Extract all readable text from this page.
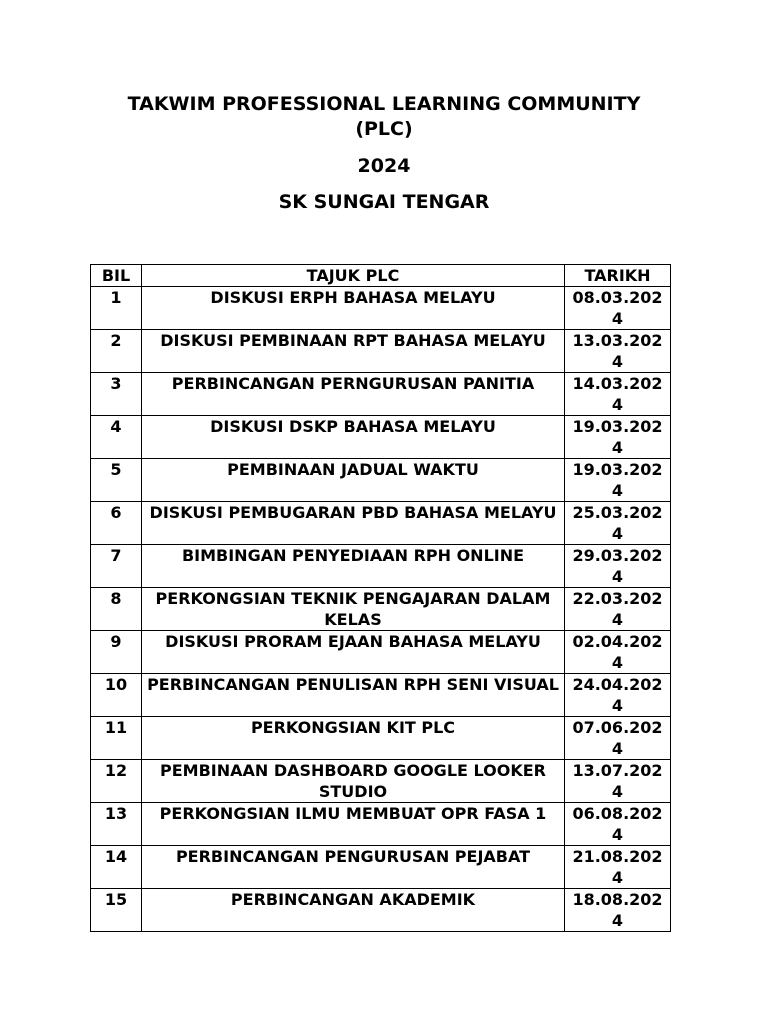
TAKWIM PROFESSIONAL LEARNING COMMUNITY
(PLC)
2024
SK SUNGAI TENGAR
BIL	TAJUK PLC	TARIKH
1	DISKUSI ERPH BAHASA MELAYU	08.03.2024
2	DISKUSI PEMBINAAN RPT BAHASA MELAYU	13.03.2024
3	PERBINCANGAN PERNGURUSAN PANITIA	14.03.2024
4	DISKUSI DSKP BAHASA MELAYU	19.03.2024
5	PEMBINAAN JADUAL WAKTU	19.03.2024
6	DISKUSI PEMBUGARAN PBD BAHASA MELAYU	25.03.2024
7	BIMBINGAN PENYEDIAAN RPH ONLINE	29.03.2024
8	PERKONGSIAN TEKNIK PENGAJARAN DALAM KELAS	22.03.2024
9	DISKUSI PRORAM EJAAN BAHASA MELAYU	02.04.2024
10	PERBINCANGAN PENULISAN RPH SENI VISUAL	24.04.2024
11	PERKONGSIAN KIT PLC	07.06.2024
12	PEMBINAAN DASHBOARD GOOGLE LOOKER STUDIO	13.07.2024
13	PERKONGSIAN ILMU MEMBUAT OPR FASA 1	06.08.2024
14	PERBINCANGAN PENGURUSAN PEJABAT	21.08.2024
15	PERBINCANGAN AKADEMIK	18.08.2024
